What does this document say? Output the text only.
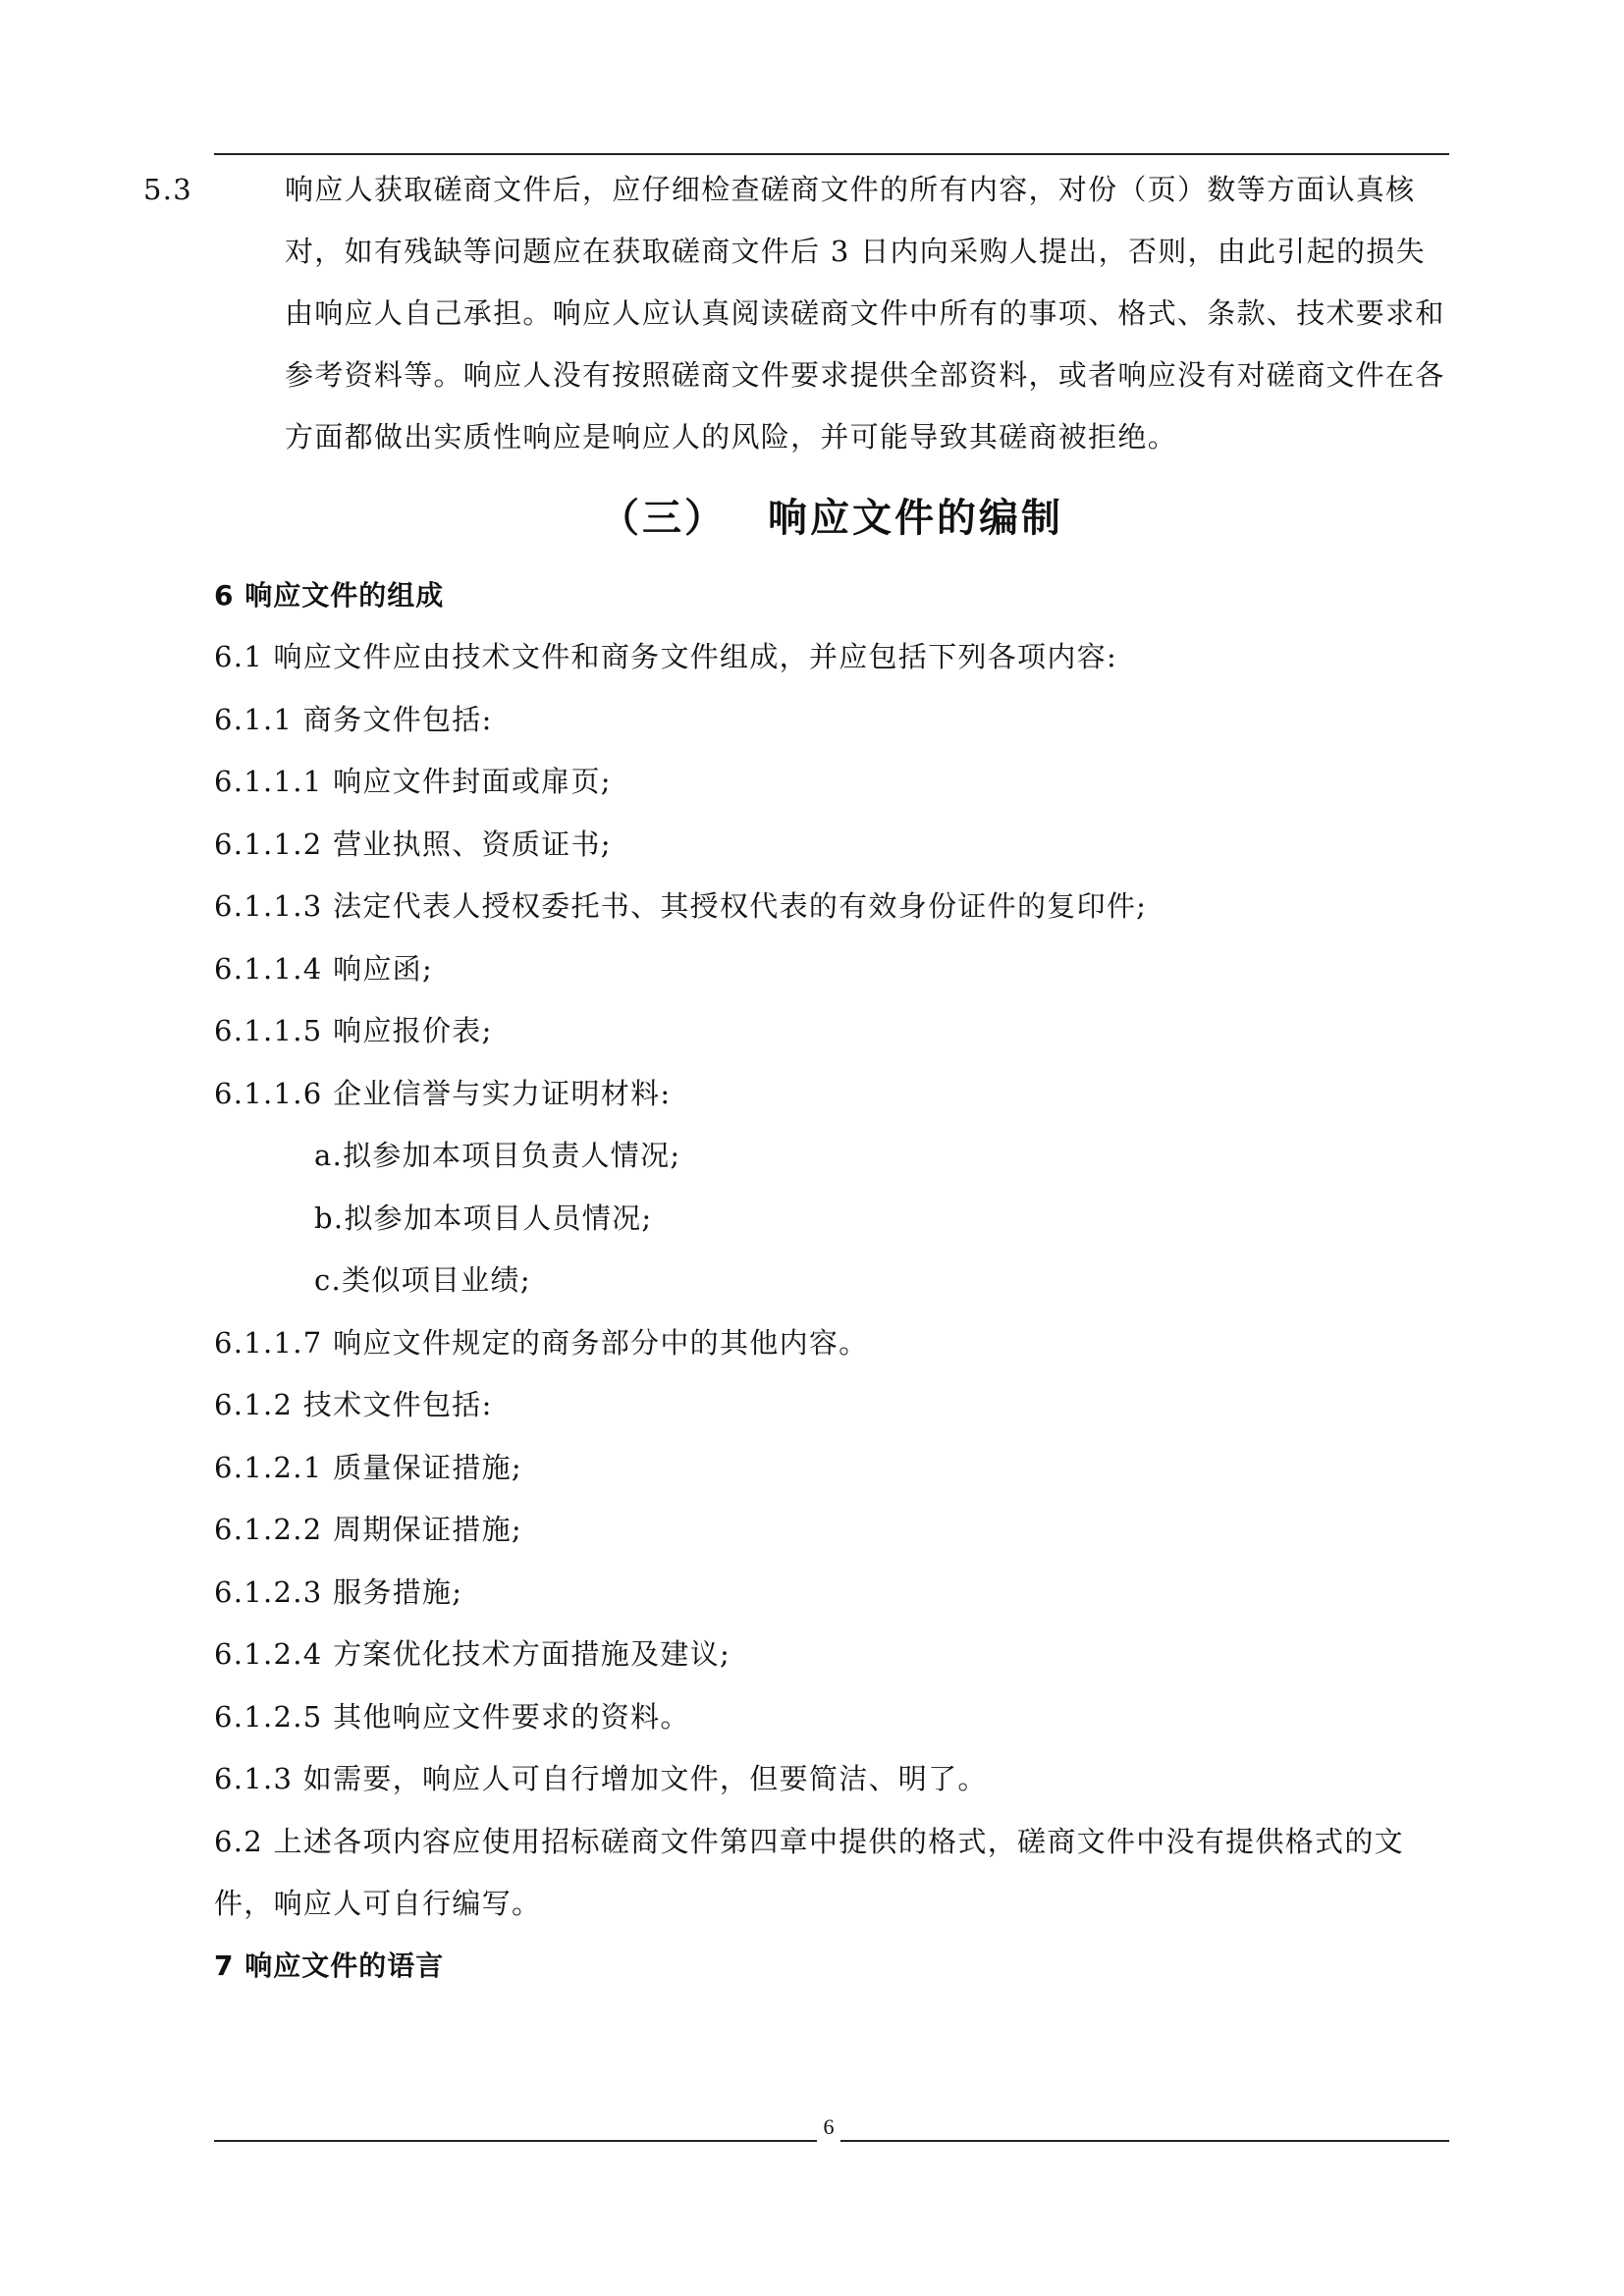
5.3	响应人获取磋商文件后，应仔细检查磋商文件的所有内容，对份（页）数等方面认真核对，如有残缺等问题应在获取磋商文件后 3 日内向采购人提出，否则，由此引起的损失由响应人自己承担。响应人应认真阅读磋商文件中所有的事项、格式、条款、技术要求和参考资料等。响应人没有按照磋商文件要求提供全部资料，或者响应没有对磋商文件在各方面都做出实质性响应是响应人的风险，并可能导致其磋商被拒绝。

（三） 响应文件的编制

6 响应文件的组成

6.1 响应文件应由技术文件和商务文件组成，并应包括下列各项内容:

6.1.1 商务文件包括:

6.1.1.1 响应文件封面或扉页;

6.1.1.2 营业执照、资质证书;

6.1.1.3 法定代表人授权委托书、其授权代表的有效身份证件的复印件;

6.1.1.4 响应函;

6.1.1.5 响应报价表;

6.1.1.6 企业信誉与实力证明材料:

a.拟参加本项目负责人情况;

b.拟参加本项目人员情况;

c.类似项目业绩;

6.1.1.7 响应文件规定的商务部分中的其他内容。

6.1.2 技术文件包括:

6.1.2.1 质量保证措施;

6.1.2.2 周期保证措施;

6.1.2.3 服务措施;

6.1.2.4 方案优化技术方面措施及建议;

6.1.2.5 其他响应文件要求的资料。

6.1.3 如需要，响应人可自行增加文件，但要简洁、明了。

6.2 上述各项内容应使用招标磋商文件第四章中提供的格式，磋商文件中没有提供格式的文件，响应人可自行编写。

7 响应文件的语言

6
